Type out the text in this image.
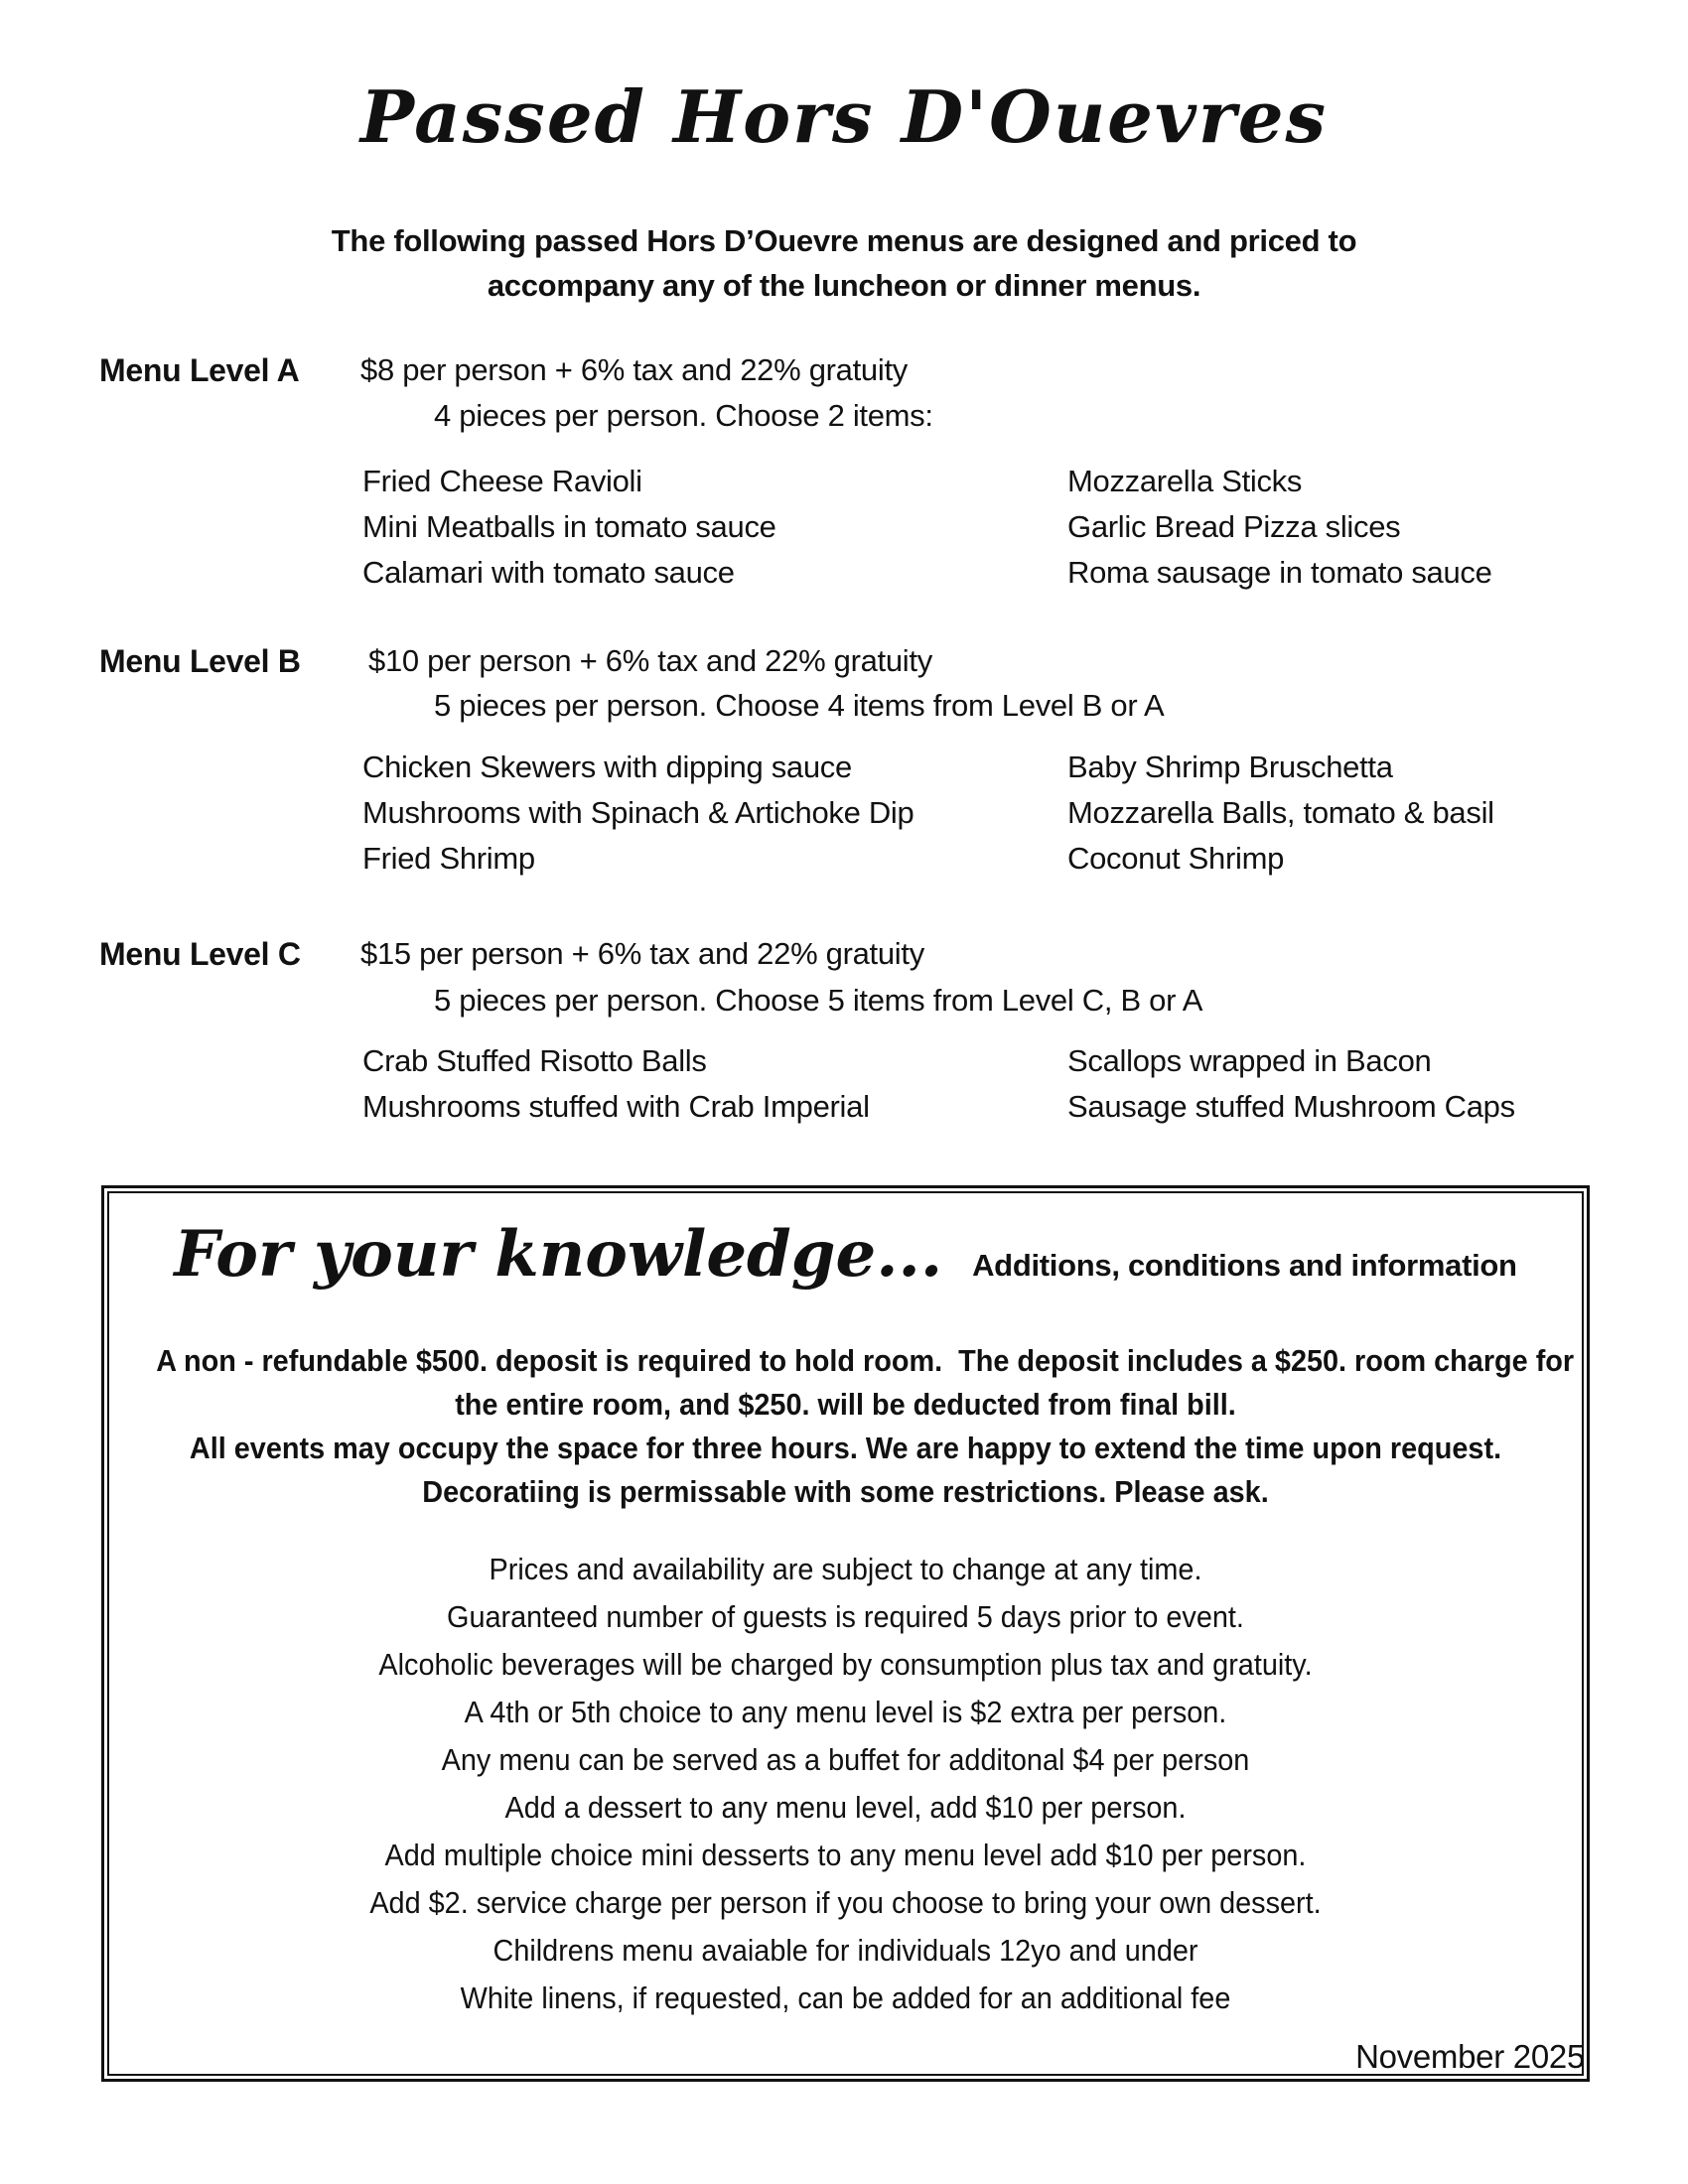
Passed Hors D'Ouevres
The following passed Hors D’Ouevre menus are designed and priced to
accompany any of the luncheon or dinner menus.
Menu Level A $8 per person + 6% tax and 22% gratuity
4 pieces per person. Choose 2 items:
Fried Cheese Ravioli
Mini Meatballs in tomato sauce
Calamari with tomato sauce
Mozzarella Sticks
Garlic Bread Pizza slices
Roma sausage in tomato sauce
Menu Level B $10 per person + 6% tax and 22% gratuity
5 pieces per person. Choose 4 items from Level B or A
Chicken Skewers with dipping sauce
Mushrooms with Spinach & Artichoke Dip
Fried Shrimp
Baby Shrimp Bruschetta
Mozzarella Balls, tomato & basil
Coconut Shrimp
Menu Level C $15 per person + 6% tax and 22% gratuity
5 pieces per person. Choose 5 items from Level C, B or A
Crab Stuffed Risotto Balls
Mushrooms stuffed with Crab Imperial
Scallops wrapped in Bacon
Sausage stuffed Mushroom Caps
For your knowledge... Additions, conditions and information
A non - refundable $500. deposit is required to hold room.  The deposit includes a $250. room charge for
the entire room, and $250. will be deducted from final bill.
All events may occupy the space for three hours. We are happy to extend the time upon request.
Decoratiing is permissable with some restrictions. Please ask.
Prices and availability are subject to change at any time.
Guaranteed number of guests is required 5 days prior to event.
Alcoholic beverages will be charged by consumption plus tax and gratuity.
A 4th or 5th choice to any menu level is $2 extra per person.
Any menu can be served as a buffet for additonal $4 per person
Add a dessert to any menu level, add $10 per person.
Add multiple choice mini desserts to any menu level add $10 per person.
Add $2. service charge per person if you choose to bring your own dessert.
Childrens menu avaiable for individuals 12yo and under
White linens, if requested, can be added for an additional fee
November 2025
